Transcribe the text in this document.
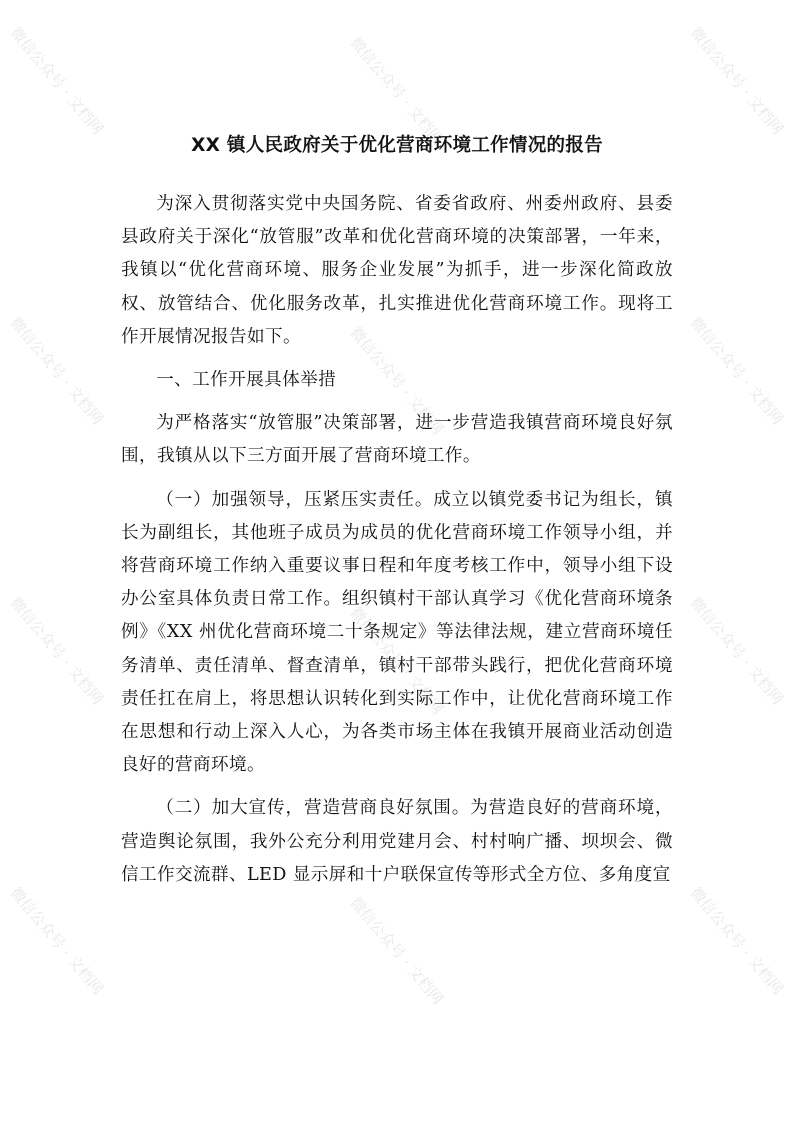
微信公众号 · 文档网	微信公众号 · 文档网	微信公众号 · 文档网
微信公众号 · 文档网	微信公众号 · 文档网	微信公众号 · 文档网
微信公众号 · 文档网	微信公众号 · 文档网	微信公众号 · 文档网
微信公众号 · 文档网	微信公众号 · 文档网	微信公众号 · 文档网
XX 镇人民政府关于优化营商环境工作情况的报告

为深入贯彻落实党中央国务院、省委省政府、州委州政府、县委县政府关于深化“放管服”改革和优化营商环境的决策部署，一年来，我镇以“优化营商环境、服务企业发展”为抓手，进一步深化简政放权、放管结合、优化服务改革，扎实推进优化营商环境工作。现将工作开展情况报告如下。

一、工作开展具体举措

为严格落实“放管服”决策部署，进一步营造我镇营商环境良好氛围，我镇从以下三方面开展了营商环境工作。

（一）加强领导，压紧压实责任。成立以镇党委书记为组长，镇长为副组长，其他班子成员为成员的优化营商环境工作领导小组，并将营商环境工作纳入重要议事日程和年度考核工作中，领导小组下设办公室具体负责日常工作。组织镇村干部认真学习《优化营商环境条例》《XX 州优化营商环境二十条规定》等法律法规，建立营商环境任务清单、责任清单、督查清单，镇村干部带头践行，把优化营商环境责任扛在肩上，将思想认识转化到实际工作中，让优化营商环境工作在思想和行动上深入人心，为各类市场主体在我镇开展商业活动创造良好的营商环境。

（二）加大宣传，营造营商良好氛围。为营造良好的营商环境，营造舆论氛围，我外公充分利用党建月会、村村响广播、坝坝会、微信工作交流群、LED 显示屏和十户联保宣传等形式全方位、多角度宣
